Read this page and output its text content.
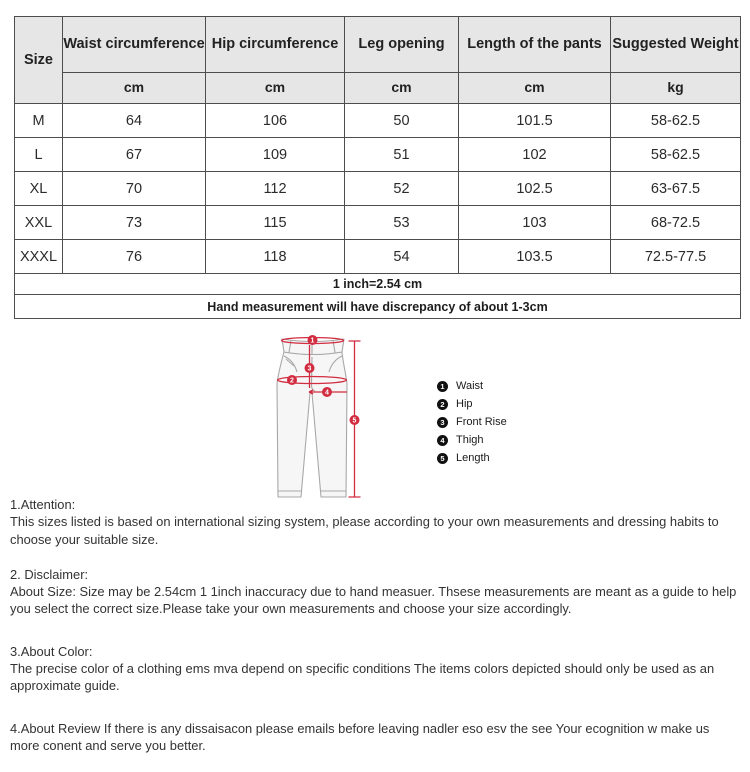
Size	Waist circumference	Hip circumference	Leg opening	Length of the pants	Suggested Weight
	cm	cm	cm	cm	kg
M	64	106	50	101.5	58-62.5
L	67	109	51	102	58-62.5
XL	70	112	52	102.5	63-67.5
XXL	73	115	53	103	68-72.5
XXXL	76	118	54	103.5	72.5-77.5
1 inch=2.54 cm					
Hand measurement will have discrepancy of about 1-3cm					
1
2
3
4
5
1	Waist
2	Hip
3	Front Rise
4	Thigh
5	Length
1.Attention:
This sizes listed is based on international sizing system, please according to your own measurements and dressing habits to choose your suitable size.
2. Disclaimer:
About Size: Size may be 2.54cm 1 1inch inaccuracy due to hand measuer. Thsese measurements are meant as a guide to help you select the correct size.Please take your own measurements and choose your size accordingly.
3.About Color:
The precise color of a clothing ems mva depend on specific conditions The items colors depicted should only be used as an approximate guide.
4.About Review If there is any dissaisacon please emails before leaving nadler eso esv the see Your ecognition w make us more conent and serve you better.
